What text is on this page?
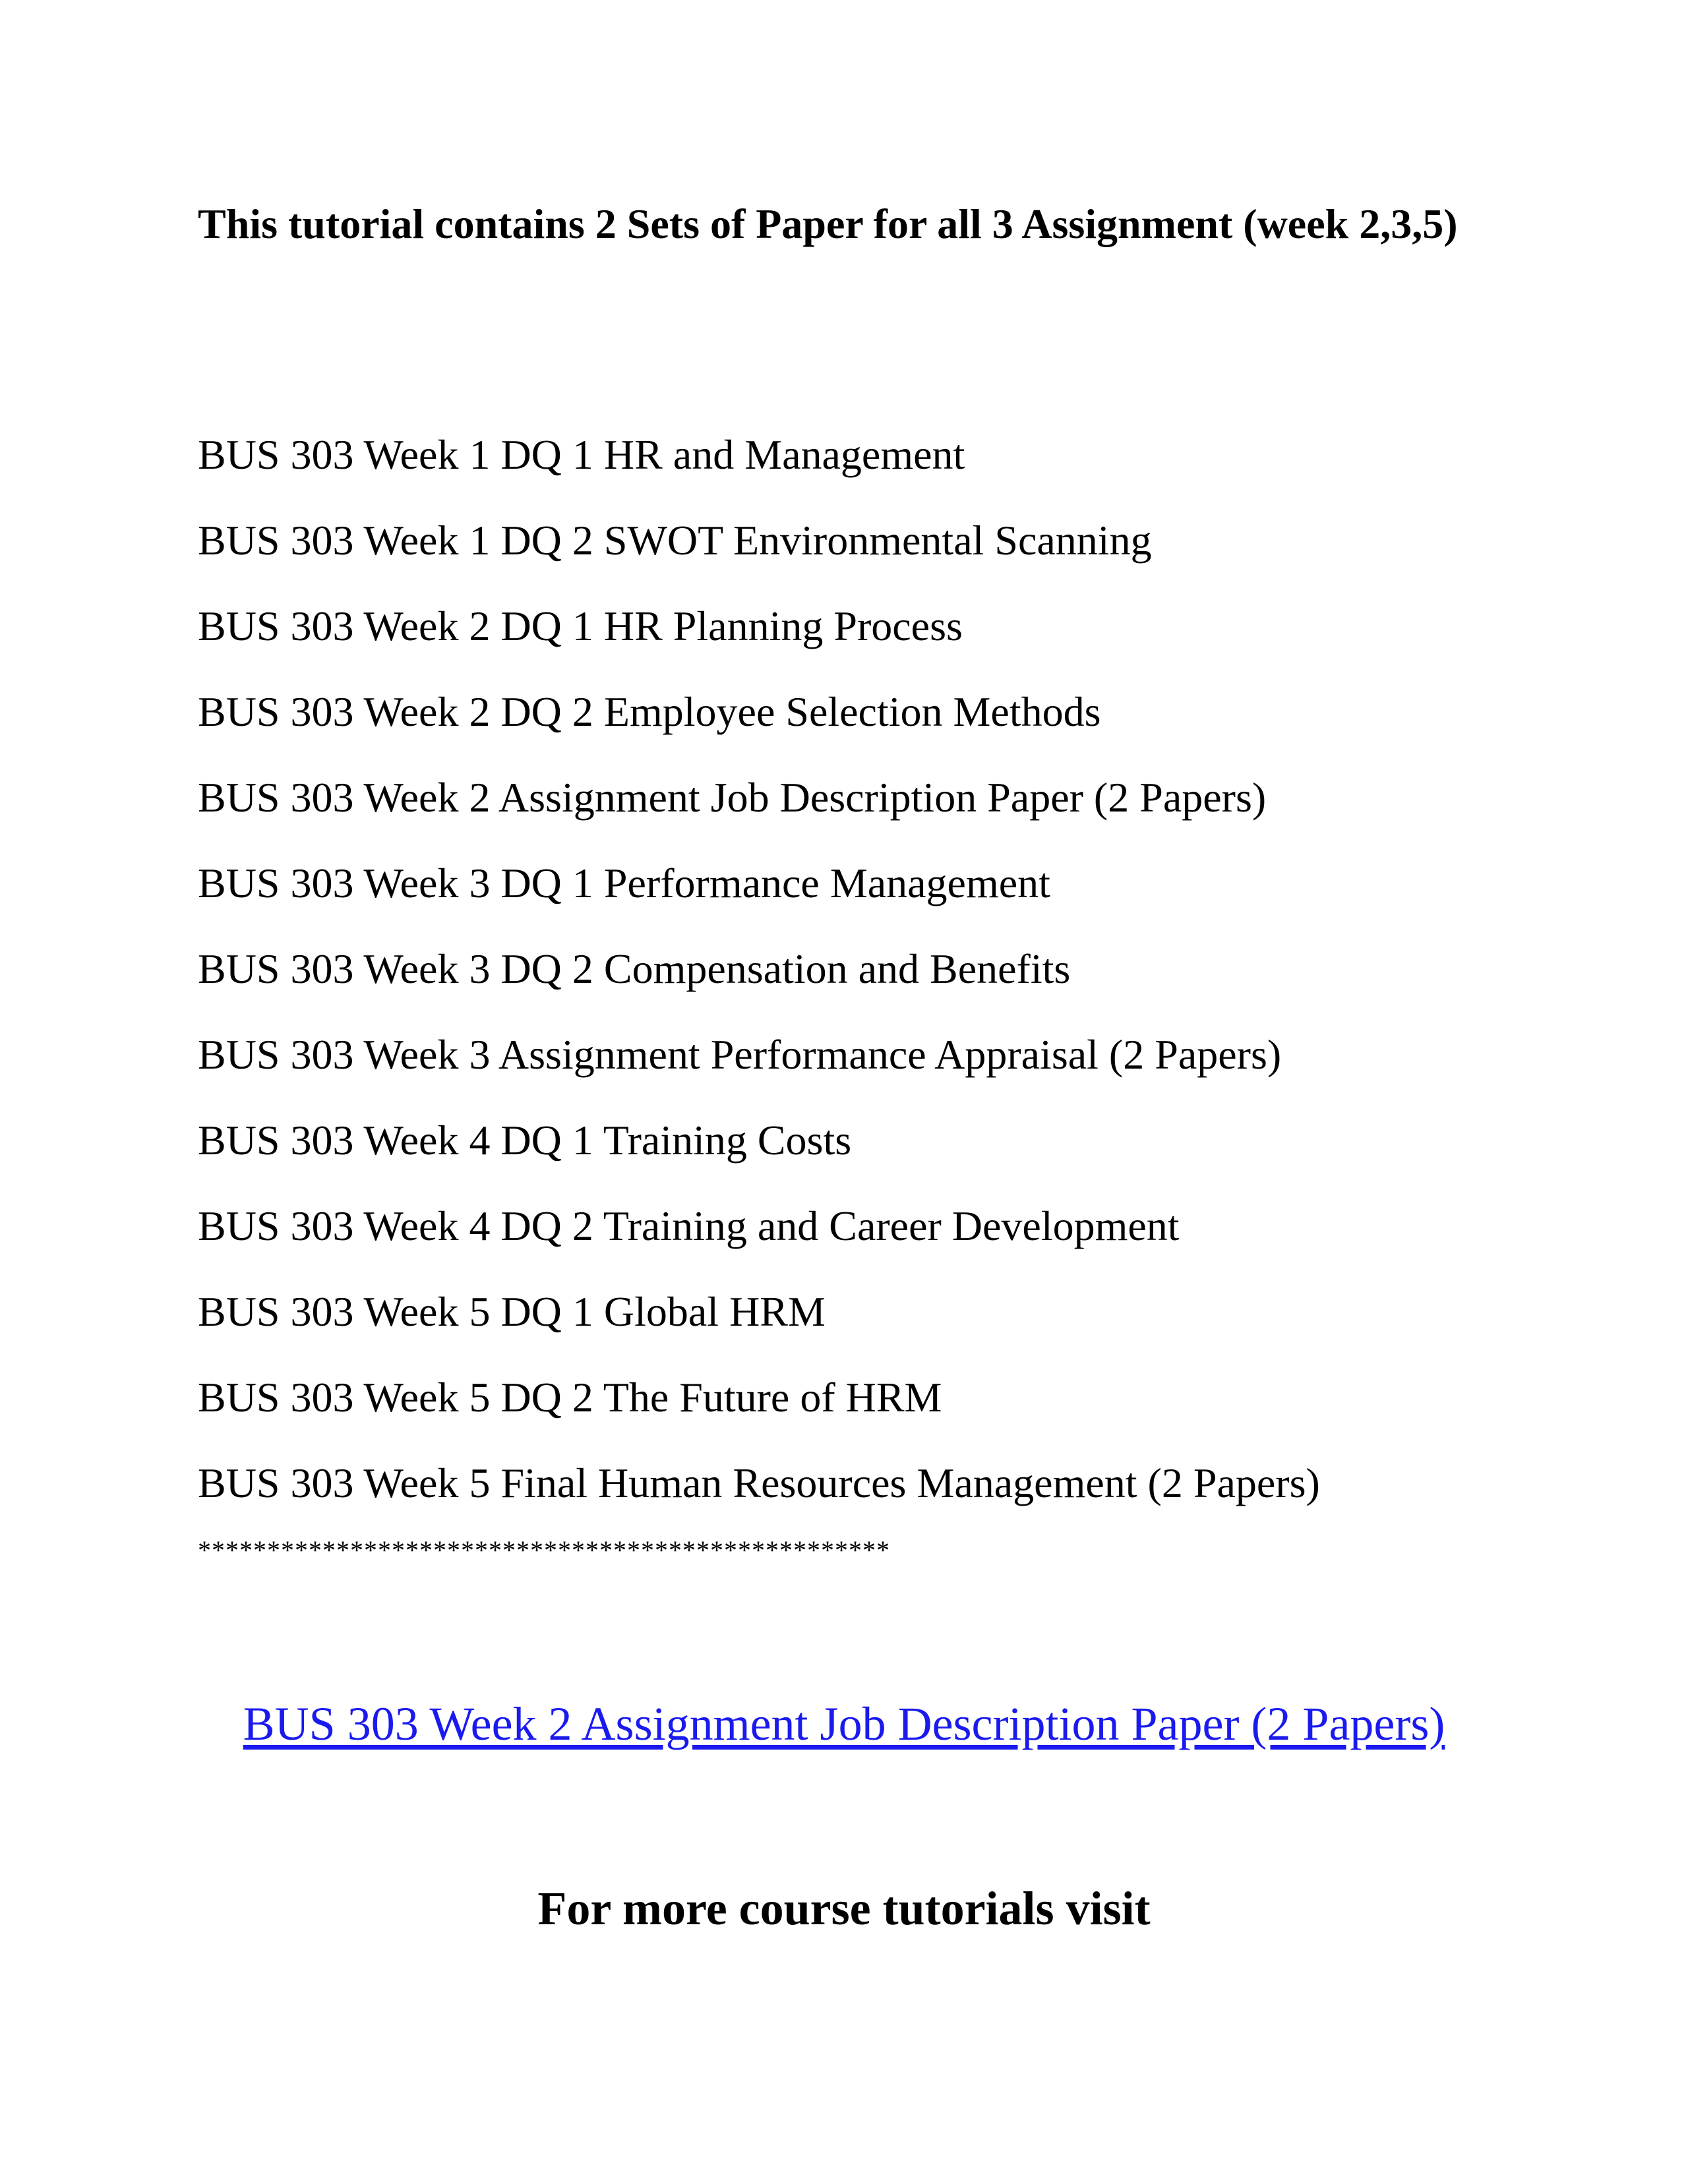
This tutorial contains 2 Sets of Paper for all 3 Assignment (week 2,3,5)

BUS 303 Week 1 DQ 1 HR and Management
BUS 303 Week 1 DQ 2 SWOT Environmental Scanning
BUS 303 Week 2 DQ 1 HR Planning Process
BUS 303 Week 2 DQ 2 Employee Selection Methods
BUS 303 Week 2 Assignment Job Description Paper (2 Papers)
BUS 303 Week 3 DQ 1 Performance Management
BUS 303 Week 3 DQ 2 Compensation and Benefits
BUS 303 Week 3 Assignment Performance Appraisal (2 Papers)
BUS 303 Week 4 DQ 1 Training Costs
BUS 303 Week 4 DQ 2 Training and Career Development
BUS 303 Week 5 DQ 1 Global HRM
BUS 303 Week 5 DQ 2 The Future of HRM
BUS 303 Week 5 Final Human Resources Management (2 Papers)
**************************************************
BUS 303 Week 2 Assignment Job Description Paper (2 Papers)
For more course tutorials visit
